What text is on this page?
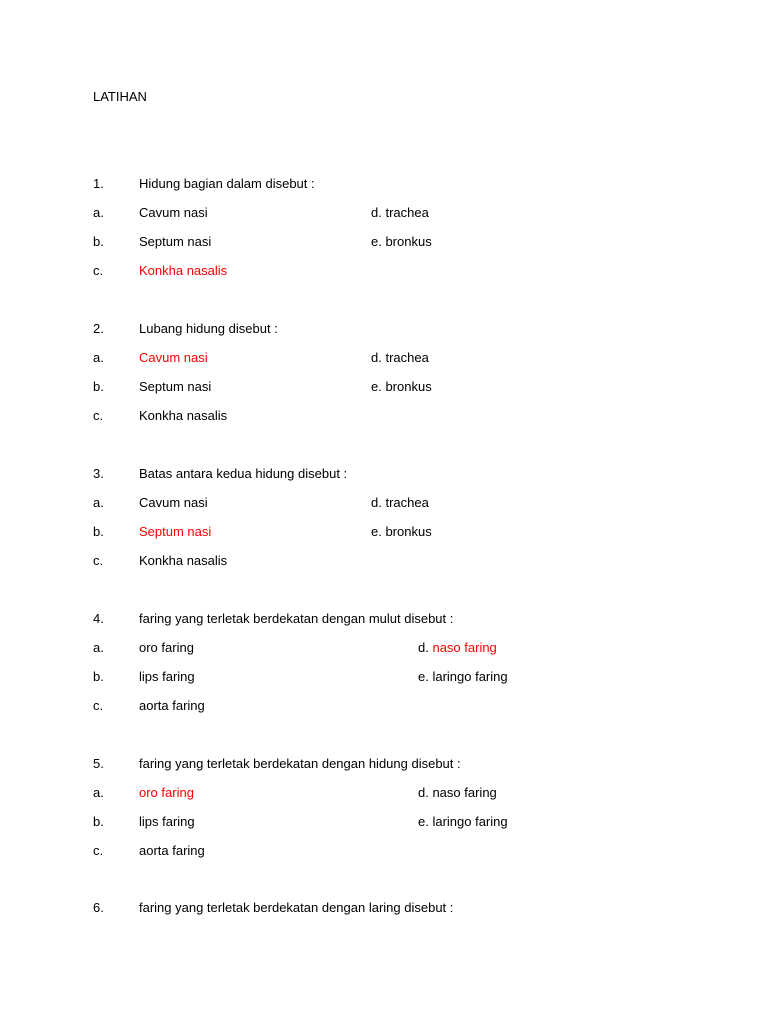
LATIHAN
1.	Hidung bagian dalam disebut :
a.	Cavum nasi	d. trachea
b.	Septum nasi	e. bronkus
c.	Konkha nasalis
2.	Lubang hidung disebut :
a.	Cavum nasi	d. trachea
b.	Septum nasi	e. bronkus
c.	Konkha nasalis
3.	Batas antara kedua hidung disebut :
a.	Cavum nasi	d. trachea
b.	Septum nasi	e. bronkus
c.	Konkha nasalis
4.	faring yang terletak berdekatan dengan mulut disebut :
a.	oro faring	d. naso faring
b.	lips faring	e. laringo faring
c.	aorta faring
5.	faring yang terletak berdekatan dengan hidung disebut :
a.	oro faring	d. naso faring
b.	lips faring	e. laringo faring
c.	aorta faring
6.	faring yang terletak berdekatan dengan laring disebut :
